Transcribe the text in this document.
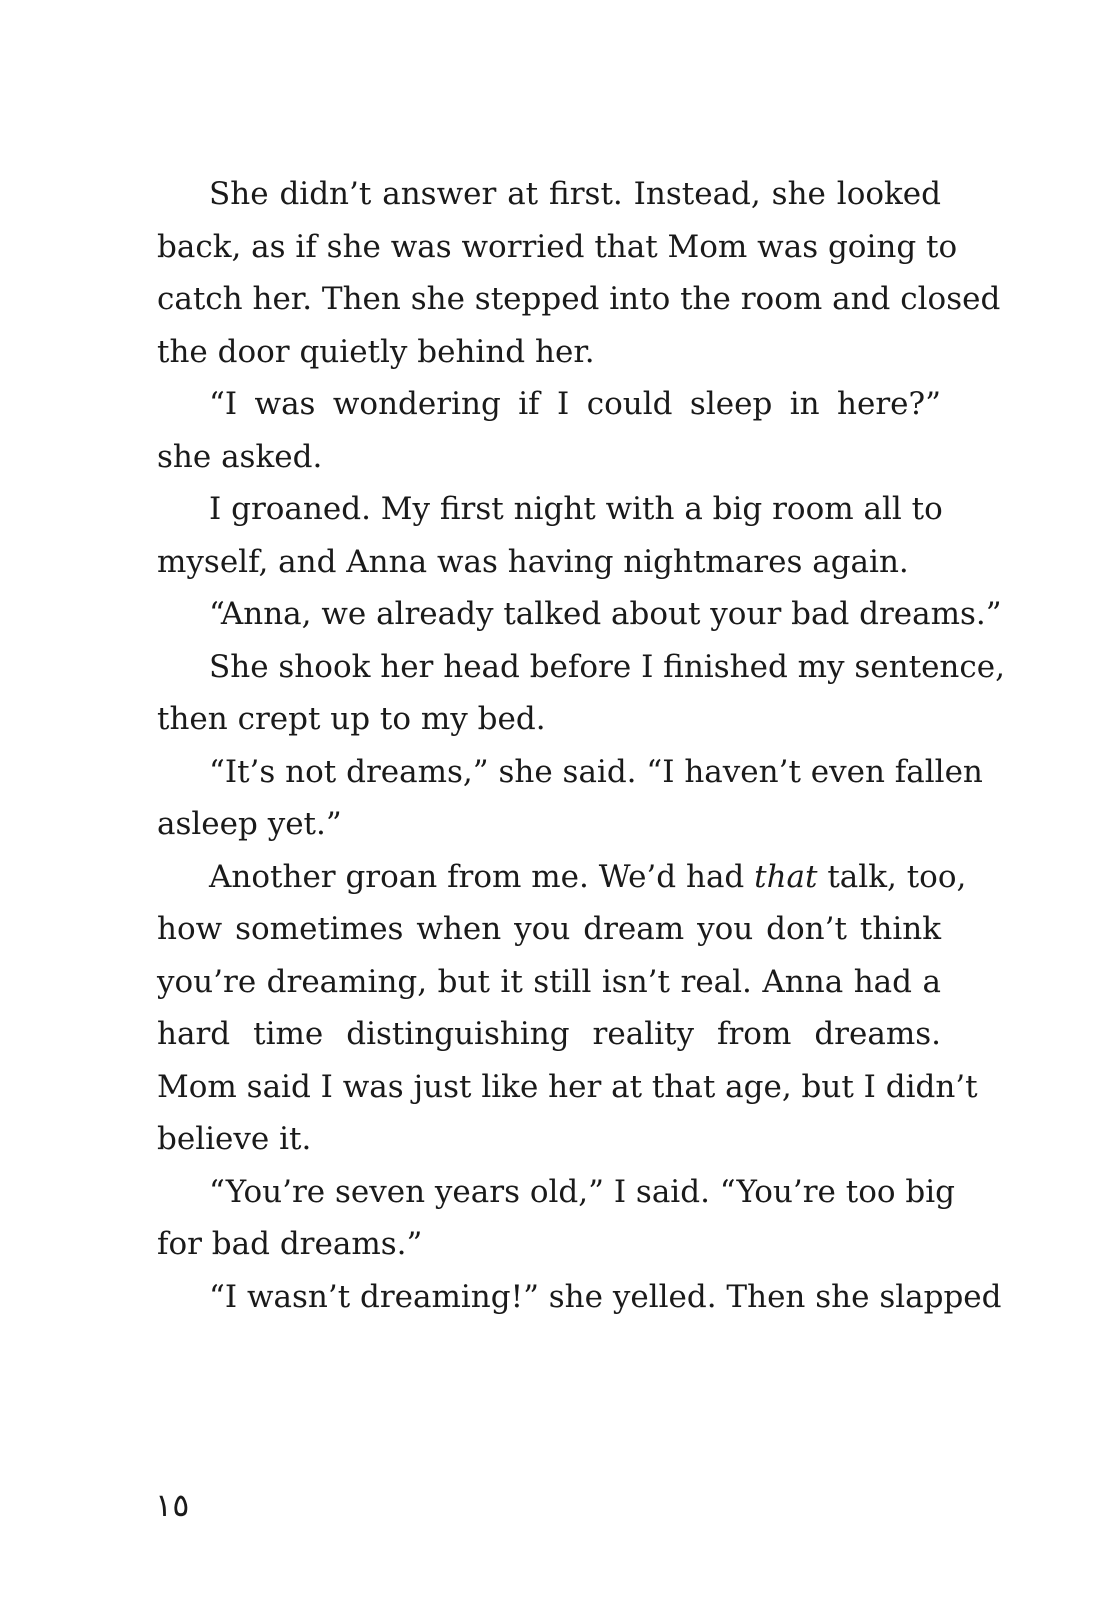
She didn’t answer at first. Instead, she looked
back, as if she was worried that Mom was going to
catch her. Then she stepped into the room and closed
the door quietly behind her.
“I was wondering if I could sleep in here?”
she asked.
I groaned. My first night with a big room all to
myself, and Anna was having nightmares again.
“Anna, we already talked about your bad dreams.”
She shook her head before I finished my sentence,
then crept up to my bed.
“It’s not dreams,” she said. “I haven’t even fallen
asleep yet.”
Another groan from me. We’d had that talk, too,
how sometimes when you dream you don’t think
you’re dreaming, but it still isn’t real. Anna had a
hard time distinguishing reality from dreams.
Mom said I was just like her at that age, but I didn’t
believe it.
“You’re seven years old,” I said. “You’re too big
for bad dreams.”
“I wasn’t dreaming!” she yelled. Then she slapped
١٥
